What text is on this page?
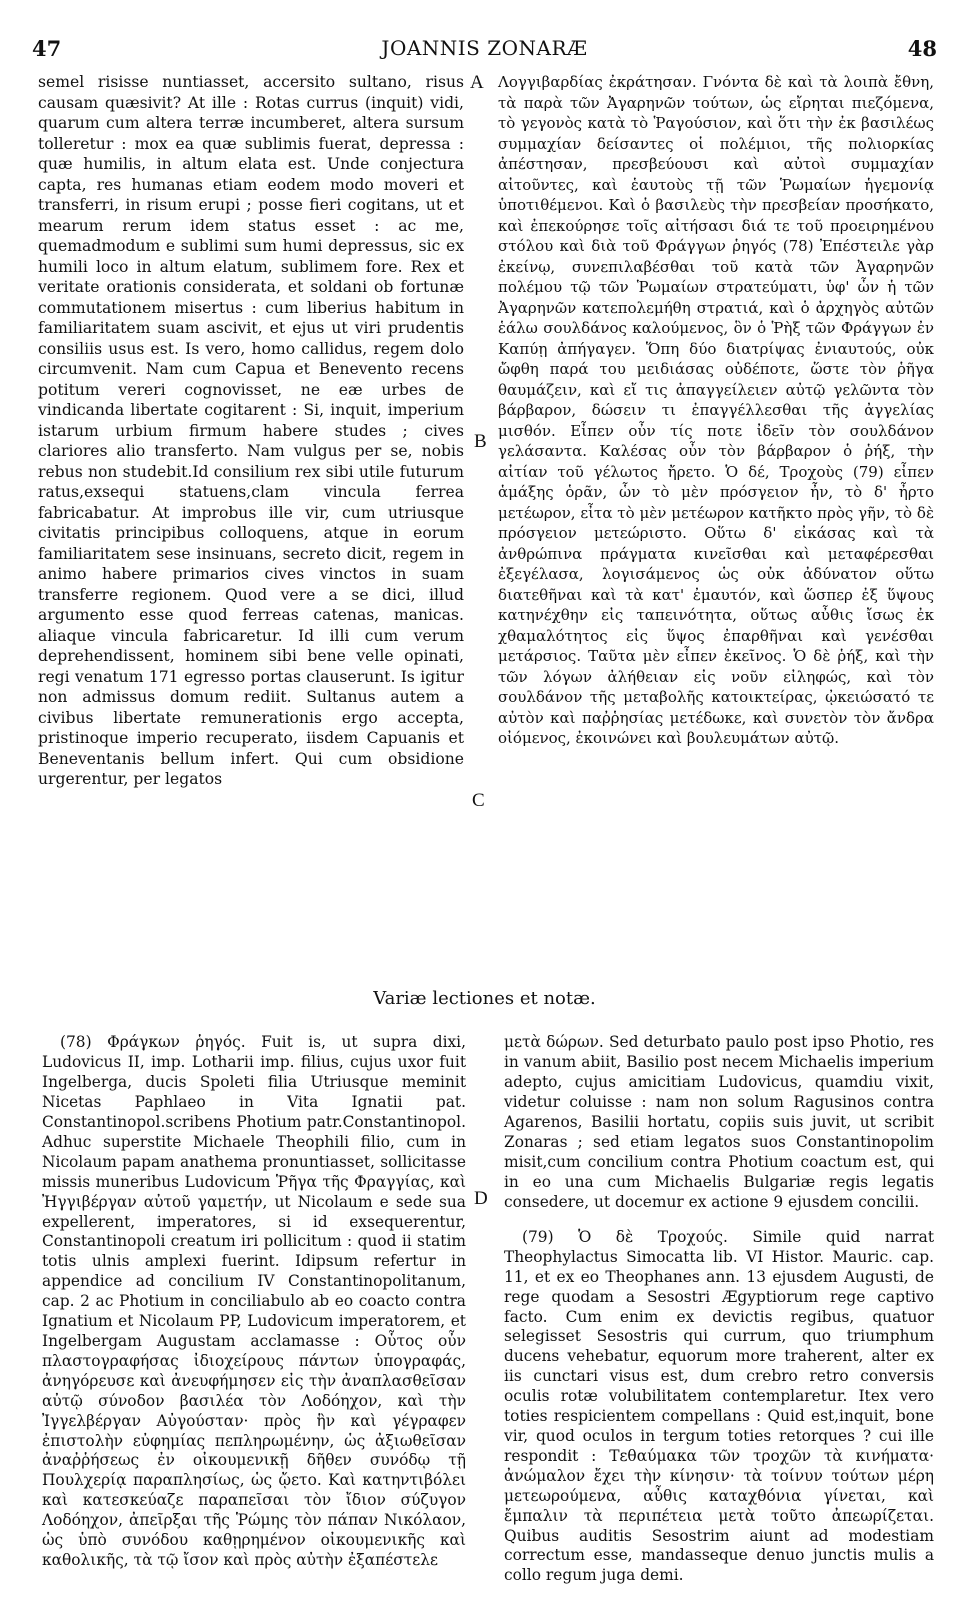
47	JOANNIS ZONARÆ	48

semel risisse nuntiasset, accersito sultano, risus causam quæsivit? At ille : Rotas currus (inquit) vidi, quarum cum altera terræ incumberet, altera sursum tolleretur : mox ea quæ sublimis fuerat, depressa : quæ humilis, in altum elata est. Unde conjectura capta, res humanas etiam eodem modo moveri et transferri, in risum erupi ; posse fieri cogitans, ut et mearum rerum idem status esset : ac me, quemadmodum e sublimi sum humi depressus, sic ex humili loco in altum elatum, sublimem fore. Rex et veritate orationis considerata, et soldani ob fortunæ commutationem misertus : cum liberius habitum in familiaritatem suam ascivit, et ejus ut viri prudentis consiliis usus est. Is vero, homo callidus, regem dolo circumvenit. Nam cum Capua et Benevento recens potitum vereri cognovisset, ne eæ urbes de vindicanda libertate cogitarent : Si, inquit, imperium istarum urbium firmum habere studes ; cives clariores alio transferto. Nam vulgus per se, nobis rebus non studebit.Id consilium rex sibi utile futurum ratus,exsequi statuens,clam vincula ferrea fabricabatur. At improbus ille vir, cum utriusque civitatis principibus colloquens, atque in eorum familiaritatem sese insinuans, secreto dicit, regem in animo habere primarios cives vinctos in suam transferre regionem. Quod vere a se dici, illud argumento esse quod ferreas catenas, manicas. aliaque vincula fabricaretur. Id illi cum verum deprehendissent, hominem sibi bene velle opinati, regi venatum 171 egresso portas clauserunt. Is igitur non admissus domum rediit. Sultanus autem a civibus libertate remunerationis ergo accepta, pristinoque imperio recuperato, iisdem Capuanis et Beneventanis bellum infert. Qui cum obsidione urgerentur, per legatos

Λογγιβαρδίας ἐκράτησαν. Γνόντα δὲ καὶ τὰ λοιπὰ ἔθνη, τὰ παρὰ τῶν Ἀγαρηνῶν τούτων, ὡς εἴρηται πιεζόμενα, τὸ γεγονὸς κατὰ τὸ Ῥαγούσιον, καὶ ὅτι τὴν ἐκ βασιλέως συμμαχίαν δείσαντες οἱ πολέμιοι, τῆς πολιορκίας ἀπέστησαν, πρεσβεύουσι καὶ αὐτοὶ συμμαχίαν αἰτοῦντες, καὶ ἑαυτοὺς τῇ τῶν Ῥωμαίων ἡγεμονίᾳ ὑποτιθέμενοι. Καὶ ὁ βασιλεὺς τὴν πρεσβείαν προσήκατο, καὶ ἐπεκούρησε τοῖς αἰτήσασι διά τε τοῦ προειρημένου στόλου καὶ διὰ τοῦ Φράγγων ῥηγός (78) Ἐπέστειλε γὰρ ἐκείνῳ, συνεπιλαβέσθαι τοῦ κατὰ τῶν Ἀγαρηνῶν πολέμου τῷ τῶν Ῥωμαίων στρατεύματι, ὑφ' ὧν ἡ τῶν Ἀγαρηνῶν κατεπολεμήθη στρατιά, καὶ ὁ ἀρχηγὸς αὐτῶν ἑάλω σουλδάνος καλούμενος, ὃν ὁ Ῥὴξ τῶν Φράγγων ἐν Καπύῃ ἀπήγαγεν. Ὅπη δύο διατρίψας ἐνιαυτούς, οὐκ ὤφθη παρά του μειδιάσας οὐδέποτε, ὥστε τὸν ῥῆγα θαυμάζειν, καὶ εἴ τις ἀπαγγείλειεν αὐτῷ γελῶντα τὸν βάρβαρον, δώσειν τι ἐπαγγέλλεσθαι τῆς ἀγγελίας μισθόν. Εἶπεν οὖν τίς ποτε ἰδεῖν τὸν σουλδάνον γελάσαντα. Καλέσας οὖν τὸν βάρβαρον ὁ ῥήξ, τὴν αἰτίαν τοῦ γέλωτος ἤρετο. Ὁ δέ, Τροχοὺς (79) εἶπεν ἁμάξης ὁρᾶν, ὧν τὸ μὲν πρόσγειον ἦν, τὸ δ' ἦρτο μετέωρον, εἶτα τὸ μὲν μετέωρον κατῆκτο πρὸς γῆν, τὸ δὲ πρόσγειον μετεώριστο. Οὕτω δ' εἰκάσας καὶ τὰ ἀνθρώπινα πράγματα κινεῖσθαι καὶ μεταφέρεσθαι ἐξεγέλασα, λογισάμενος ὡς οὐκ ἀδύνατον οὕτω διατεθῆναι καὶ τὰ κατ' ἐμαυτόν, καὶ ὥσπερ ἐξ ὕψους κατηνέχθην εἰς ταπεινότητα, οὕτως αὖθις ἴσως ἐκ χθαμαλότητος εἰς ὕψος ἐπαρθῆναι καὶ γενέσθαι μετάρσιος. Ταῦτα μὲν εἶπεν ἐκεῖνος. Ὁ δὲ ῥήξ, καὶ τὴν τῶν λόγων ἀλήθειαν εἰς νοῦν εἰληφώς, καὶ τὸν σουλδάνον τῆς μεταβολῆς κατοικτείρας, ᾠκειώσατό τε αὐτὸν καὶ παῤῥησίας μετέδωκε, καὶ συνετὸν τὸν ἄνδρα οἰόμενος, ἐκοινώνει καὶ βουλευμάτων αὐτῷ.

A
B
C
D
Variæ lectiones et notæ.

(78) Φράγκων ῥηγός. Fuit is, ut supra dixi, Ludovicus II, imp. Lotharii imp. filius, cujus uxor fuit Ingelberga, ducis Spoleti filia Utriusque meminit Nicetas Paphlaeo in Vita Ignatii pat. Constantinopol.scribens Photium patr.Constantinopol. Adhuc superstite Michaele Theophili filio, cum in Nicolaum papam anathema pronuntiasset, sollicitasse missis muneribus Ludovicum Ῥῆγα τῆς Φραγγίας, καὶ Ἠγγιβέργαν αὐτοῦ γαμετήν, ut Nicolaum e sede sua expellerent, imperatores, si id exsequerentur, Constantinopoli creatum iri pollicitum : quod ii statim totis ulnis amplexi fuerint. Idipsum refertur in appendice ad concilium IV Constantinopolitanum, cap. 2 ac Photium in conciliabulo ab eo coacto contra Ignatium et Nicolaum PP, Ludovicum imperatorem, et Ingelbergam Augustam acclamasse : Οὗτος οὖν πλαστογραφήσας ἰδιοχείρους πάντων ὑπογραφάς, ἀνηγόρευσε καὶ ἀνευφήμησεν εἰς τὴν ἀναπλασθεῖσαν αὐτῷ σύνοδον βασιλέα τὸν Λοδόηχον, καὶ τὴν Ἰγγελβέργαν Αὐγούσταν· πρὸς ἣν καὶ γέγραφεν ἐπιστολὴν εὐφημίας πεπληρωμένην, ὡς ἀξιωθεῖσαν ἀναῤῥήσεως ἐν οἰκουμενικῇ δῆθεν συνόδῳ τῇ Πουλχερίᾳ παραπλησίως, ὡς ᾤετο. Καὶ κατηντιβόλει καὶ κατεσκεύαζε παραπεῖσαι τὸν ἴδιον σύζυγον Λοδόηχον, ἀπεῖρξαι τῆς Ῥώμης τὸν πάπαν Νικόλαον, ὡς ὑπὸ συνόδου καθῃρημένον οἰκουμενικῆς καὶ καθολικῆς, τὰ τῷ ἴσον καὶ πρὸς αὐτὴν ἐξαπέστελε

μετὰ δώρων. Sed deturbato paulo post ipso Photio, res in vanum abiit, Basilio post necem Michaelis imperium adepto, cujus amicitiam Ludovicus, quamdiu vixit, videtur coluisse : nam non solum Ragusinos contra Agarenos, Basilii hortatu, copiis suis juvit, ut scribit Zonaras ; sed etiam legatos suos Constantinopolim misit,cum concilium contra Photium coactum est, qui in eo una cum Michaelis Bulgariæ regis legatis consedere, ut docemur ex actione 9 ejusdem concilii.

(79) Ὁ δὲ Τροχούς. Simile quid narrat Theophylactus Simocatta lib. VI Histor. Mauric. cap. 11, et ex eo Theophanes ann. 13 ejusdem Augusti, de rege quodam a Sesostri Ægyptiorum rege captivo facto. Cum enim ex devictis regibus, quatuor selegisset Sesostris qui currum, quo triumphum ducens vehebatur, equorum more traherent, alter ex iis cunctari visus est, dum crebro retro conversis oculis rotæ volubilitatem contemplaretur. Itex vero toties respicientem compellans : Quid est,inquit, bone vir, quod oculos in tergum toties retorques ? cui ille respondit : Τεθαύμακα τῶν τροχῶν τὰ κινήματα· ἀνώμαλον ἔχει τὴν κίνησιν· τὰ τοίνυν τούτων μέρη μετεωρούμενα, αὖθις καταχθόνια γίνεται, καὶ ἔμπαλιν τὰ περιπέτεια μετὰ τοῦτο ἀπεωρίζεται. Quibus auditis Sesostrim aiunt ad modestiam correctum esse, mandasseque denuo junctis mulis a collo regum juga demi.
